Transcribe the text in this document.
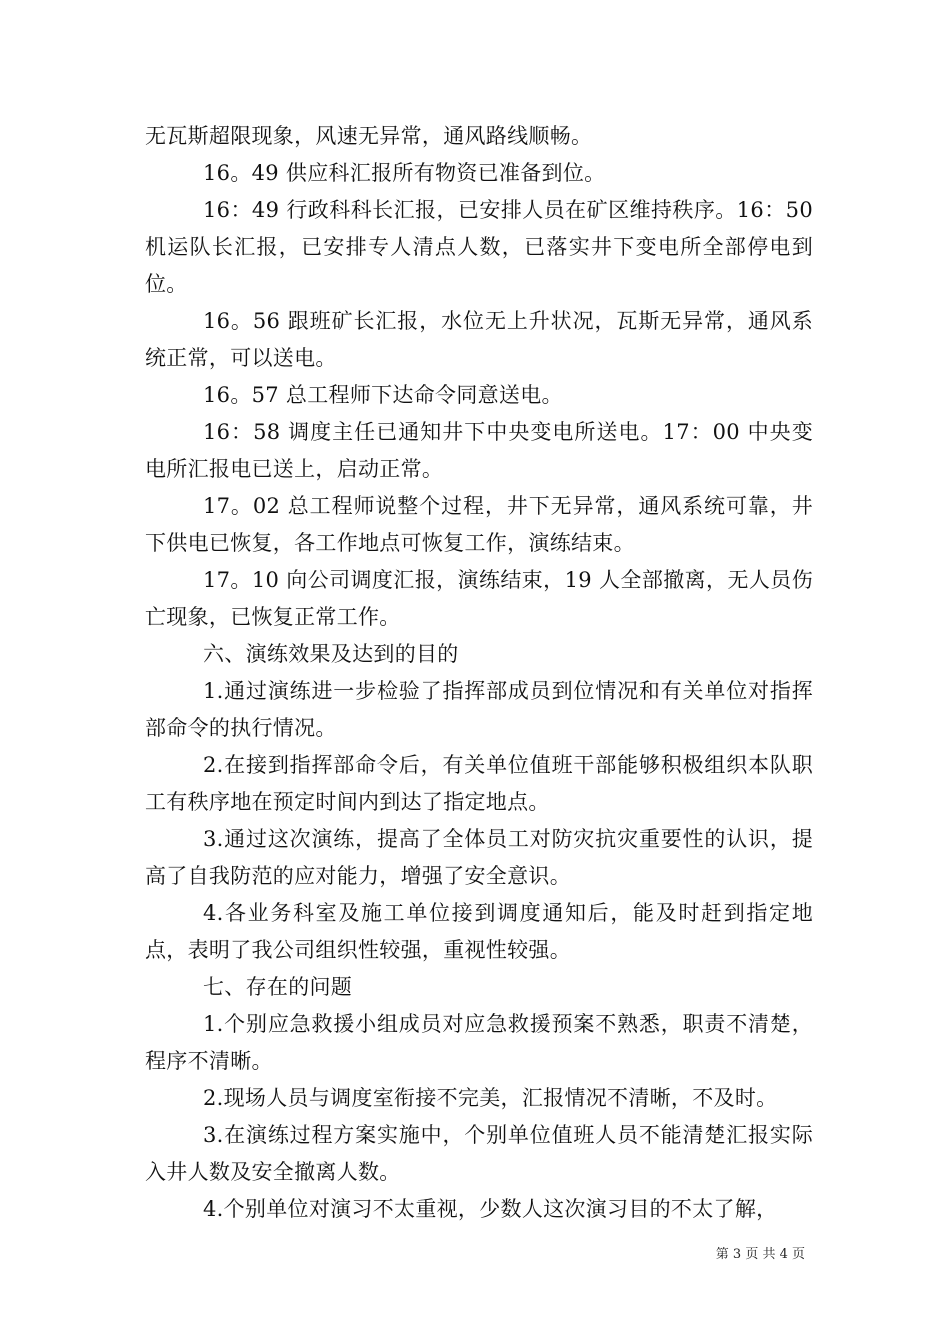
无瓦斯超限现象，风速无异常，通风路线顺畅。

16。49 供应科汇报所有物资已准备到位。

16：49 行政科科长汇报，已安排人员在矿区维持秩序。16：50 机运队长汇报，已安排专人清点人数，已落实井下变电所全部停电到位。

16。56 跟班矿长汇报，水位无上升状况，瓦斯无异常，通风系统正常，可以送电。

16。57 总工程师下达命令同意送电。

16：58 调度主任已通知井下中央变电所送电。17：00 中央变电所汇报电已送上，启动正常。

17。02 总工程师说整个过程，井下无异常，通风系统可靠，井下供电已恢复，各工作地点可恢复工作，演练结束。

17。10 向公司调度汇报，演练结束，19 人全部撤离，无人员伤亡现象，已恢复正常工作。

六、演练效果及达到的目的

1.通过演练进一步检验了指挥部成员到位情况和有关单位对指挥部命令的执行情况。

2.在接到指挥部命令后，有关单位值班干部能够积极组织本队职工有秩序地在预定时间内到达了指定地点。

3.通过这次演练，提高了全体员工对防灾抗灾重要性的认识，提高了自我防范的应对能力，增强了安全意识。

4.各业务科室及施工单位接到调度通知后，能及时赶到指定地点，表明了我公司组织性较强，重视性较强。

七、存在的问题

1.个别应急救援小组成员对应急救援预案不熟悉，职责不清楚，程序不清晰。

2.现场人员与调度室衔接不完美，汇报情况不清晰，不及时。

3.在演练过程方案实施中，个别单位值班人员不能清楚汇报实际入井人数及安全撤离人数。

4.个别单位对演习不太重视，少数人这次演习目的不太了解，

第 3 页 共 4 页
